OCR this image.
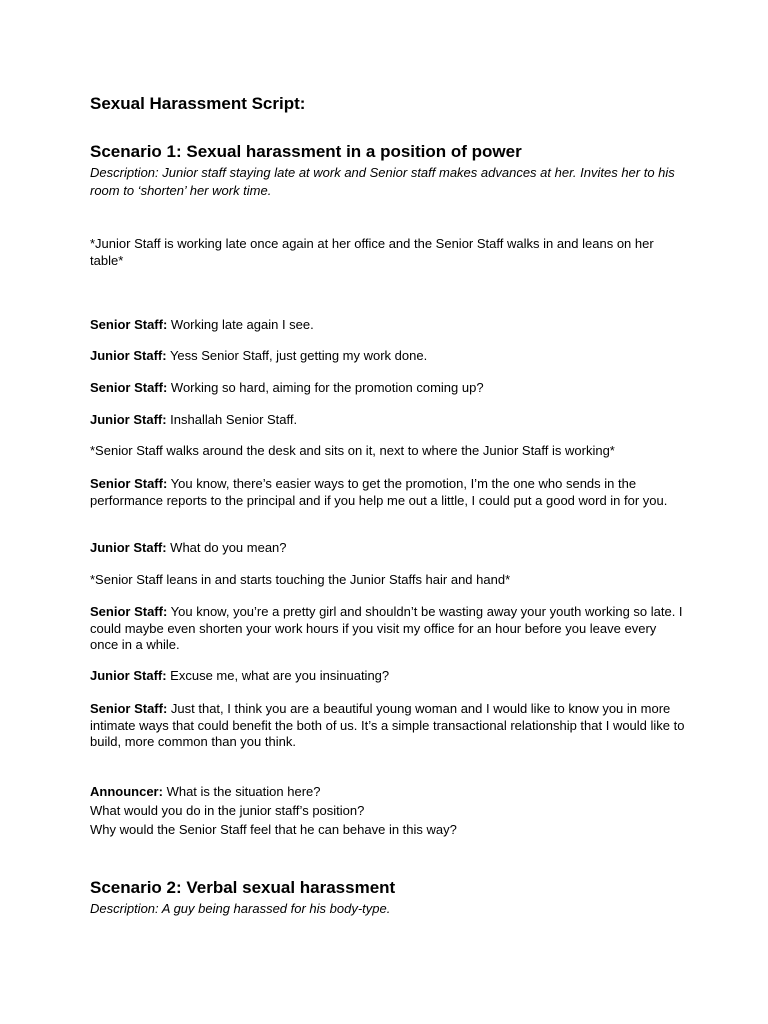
Sexual Harassment Script:
Scenario 1: Sexual harassment in a position of power

Description: Junior staff staying late at work and Senior staff makes advances at her. Invites her to his room to ‘shorten’ her work time.

*Junior Staff is working late once again at her office and the Senior Staff walks in and leans on her table*

Senior Staff: Working late again I see.

Junior Staff: Yess Senior Staff, just getting my work done.

Senior Staff: Working so hard, aiming for the promotion coming up?

Junior Staff: Inshallah Senior Staff.

*Senior Staff walks around the desk and sits on it, next to where the Junior Staff is working*

Senior Staff: You know, there’s easier ways to get the promotion, I’m the one who sends in the performance reports to the principal and if you help me out a little, I could put a good word in for you.

Junior Staff: What do you mean?

*Senior Staff leans in and starts touching the Junior Staffs hair and hand*

Senior Staff: You know, you’re a pretty girl and shouldn’t be wasting away your youth working so late. I could maybe even shorten your work hours if you visit my office for an hour before you leave every once in a while.

Junior Staff: Excuse me, what are you insinuating?

Senior Staff: Just that, I think you are a beautiful young woman and I would like to know you in more intimate ways that could benefit the both of us. It’s a simple transactional relationship that I would like to build, more common than you think.

Announcer: What is the situation here?

What would you do in the junior staff’s position?

Why would the Senior Staff feel that he can behave in this way?

Scenario 2: Verbal sexual harassment

Description: A guy being harassed for his body-type.
